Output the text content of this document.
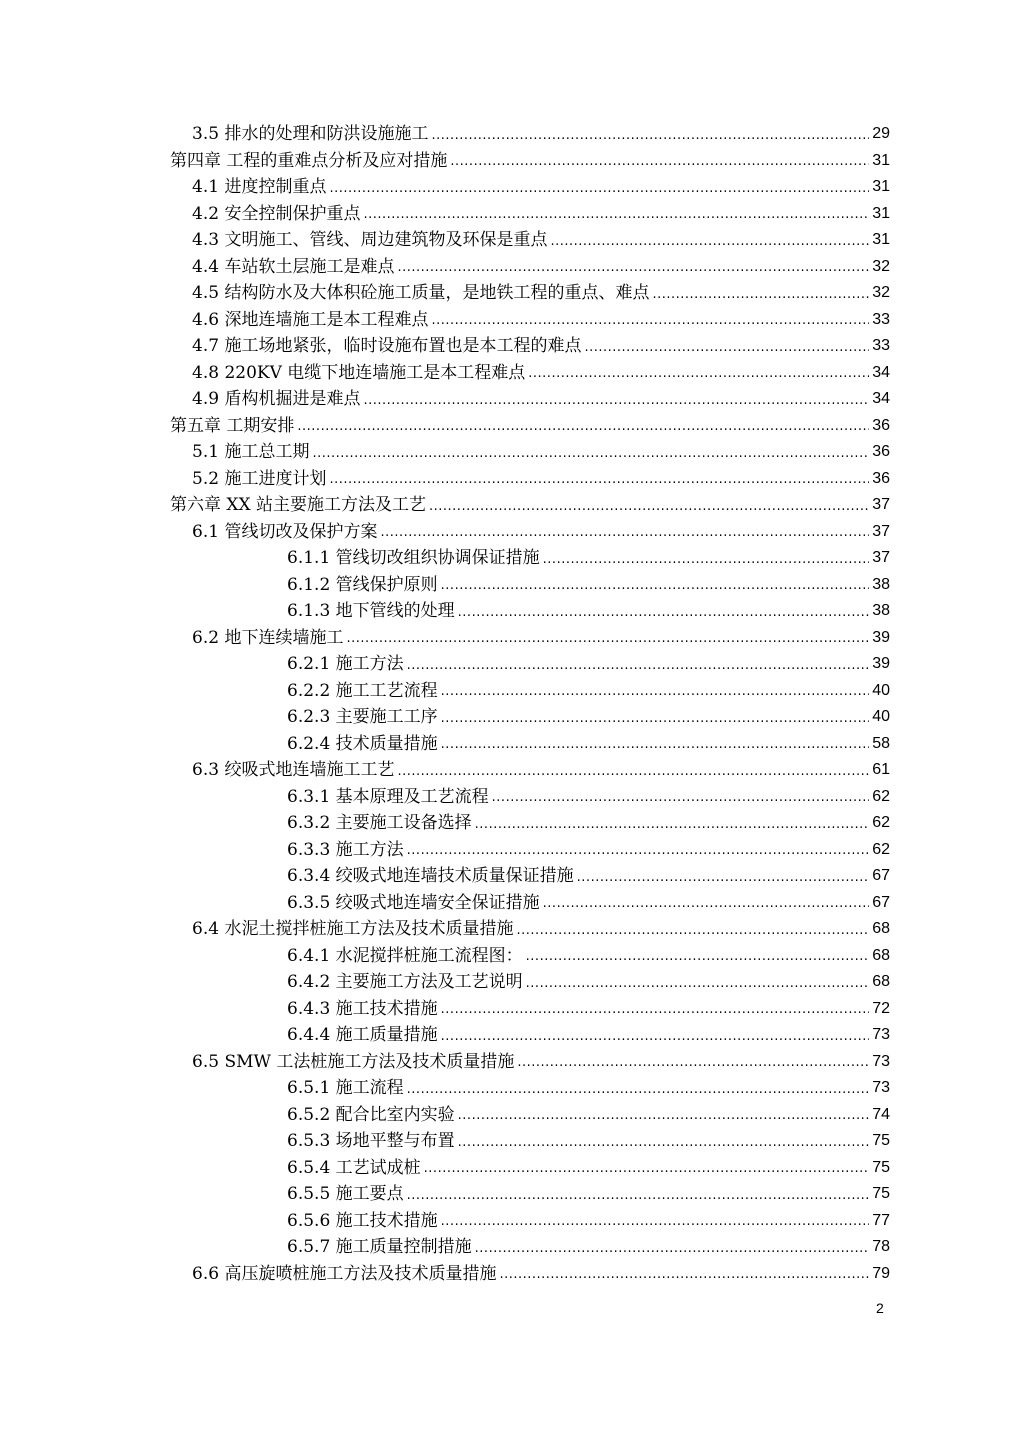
3.5 排水的处理和防洪设施施工 .....	29
第四章 工程的重难点分析及应对措施 .....	31
4.1 进度控制重点 .....	31
4.2 安全控制保护重点 .....	31
4.3 文明施工、管线、周边建筑物及环保是重点 .....	31
4.4 车站软土层施工是难点 .....	32
4.5 结构防水及大体积砼施工质量，是地铁工程的重点、难点 .....	32
4.6 深地连墙施工是本工程难点 .....	33
4.7 施工场地紧张，临时设施布置也是本工程的难点 .....	33
4.8 220KV 电缆下地连墙施工是本工程难点 .....	34
4.9 盾构机掘进是难点 .....	34
第五章 工期安排 .....	36
5.1 施工总工期 .....	36
5.2 施工进度计划 .....	36
第六章 XX 站主要施工方法及工艺 .....	37
6.1 管线切改及保护方案 .....	37
6.1.1 管线切改组织协调保证措施 .....	37
6.1.2 管线保护原则 .....	38
6.1.3 地下管线的处理 .....	38
6.2 地下连续墙施工 .....	39
6.2.1 施工方法 .....	39
6.2.2 施工工艺流程 .....	40
6.2.3 主要施工工序 .....	40
6.2.4 技术质量措施 .....	58
6.3 绞吸式地连墙施工工艺 .....	61
6.3.1 基本原理及工艺流程 .....	62
6.3.2 主要施工设备选择 .....	62
6.3.3 施工方法 .....	62
6.3.4 绞吸式地连墙技术质量保证措施 .....	67
6.3.5 绞吸式地连墙安全保证措施 .....	67
6.4 水泥土搅拌桩施工方法及技术质量措施 .....	68
6.4.1 水泥搅拌桩施工流程图： .....	68
6.4.2 主要施工方法及工艺说明 .....	68
6.4.3 施工技术措施 .....	72
6.4.4 施工质量措施 .....	73
6.5 SMW 工法桩施工方法及技术质量措施 .....	73
6.5.1 施工流程 .....	73
6.5.2 配合比室内实验 .....	74
6.5.3 场地平整与布置 .....	75
6.5.4 工艺试成桩 .....	75
6.5.5 施工要点 .....	75
6.5.6 施工技术措施 .....	77
6.5.7 施工质量控制措施 .....	78
6.6 高压旋喷桩施工方法及技术质量措施 .....	79
2
